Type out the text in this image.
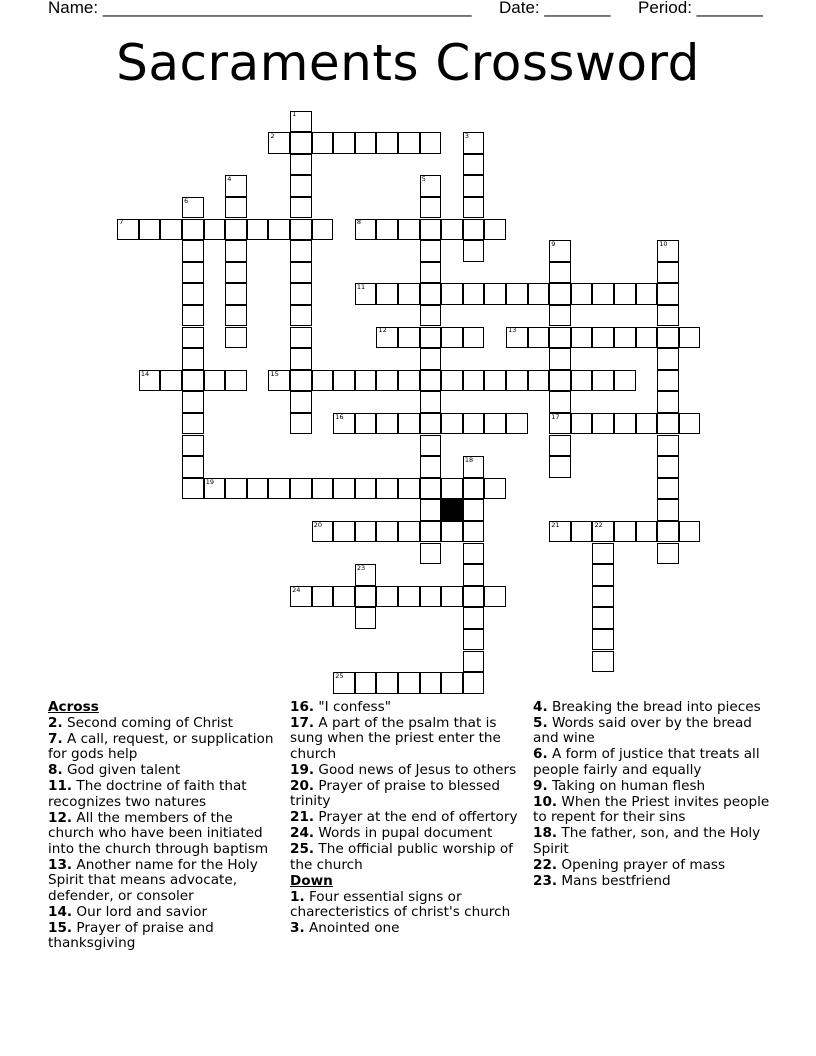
Name: _______________________________________ Date: _______ Period: _______
Sacraments Crossword
1
2	3
4	5
6
7	8
9	10
11
12	13
14	15
16	17
18
19
20	21	22
23
24
25
Across
2. Second coming of Christ
7. A call, request, or supplication for gods help
8. God given talent
11. The doctrine of faith that recognizes two natures
12. All the members of the church who have been initiated into the church through baptism
13. Another name for the Holy Spirit that means advocate, defender, or consoler
14. Our lord and savior
15. Prayer of praise and thanksgiving
16. "I confess"
17. A part of the psalm that is sung when the priest enter the church
19. Good news of Jesus to others
20. Prayer of praise to blessed trinity
21. Prayer at the end of offertory
24. Words in pupal document
25. The official public worship of the church
Down
1. Four essential signs or charecteristics of christ's church
3. Anointed one
4. Breaking the bread into pieces
5. Words said over by the bread and wine
6. A form of justice that treats all people fairly and equally
9. Taking on human flesh
10. When the Priest invites people to repent for their sins
18. The father, son, and the Holy Spirit
22. Opening prayer of mass
23. Mans bestfriend
